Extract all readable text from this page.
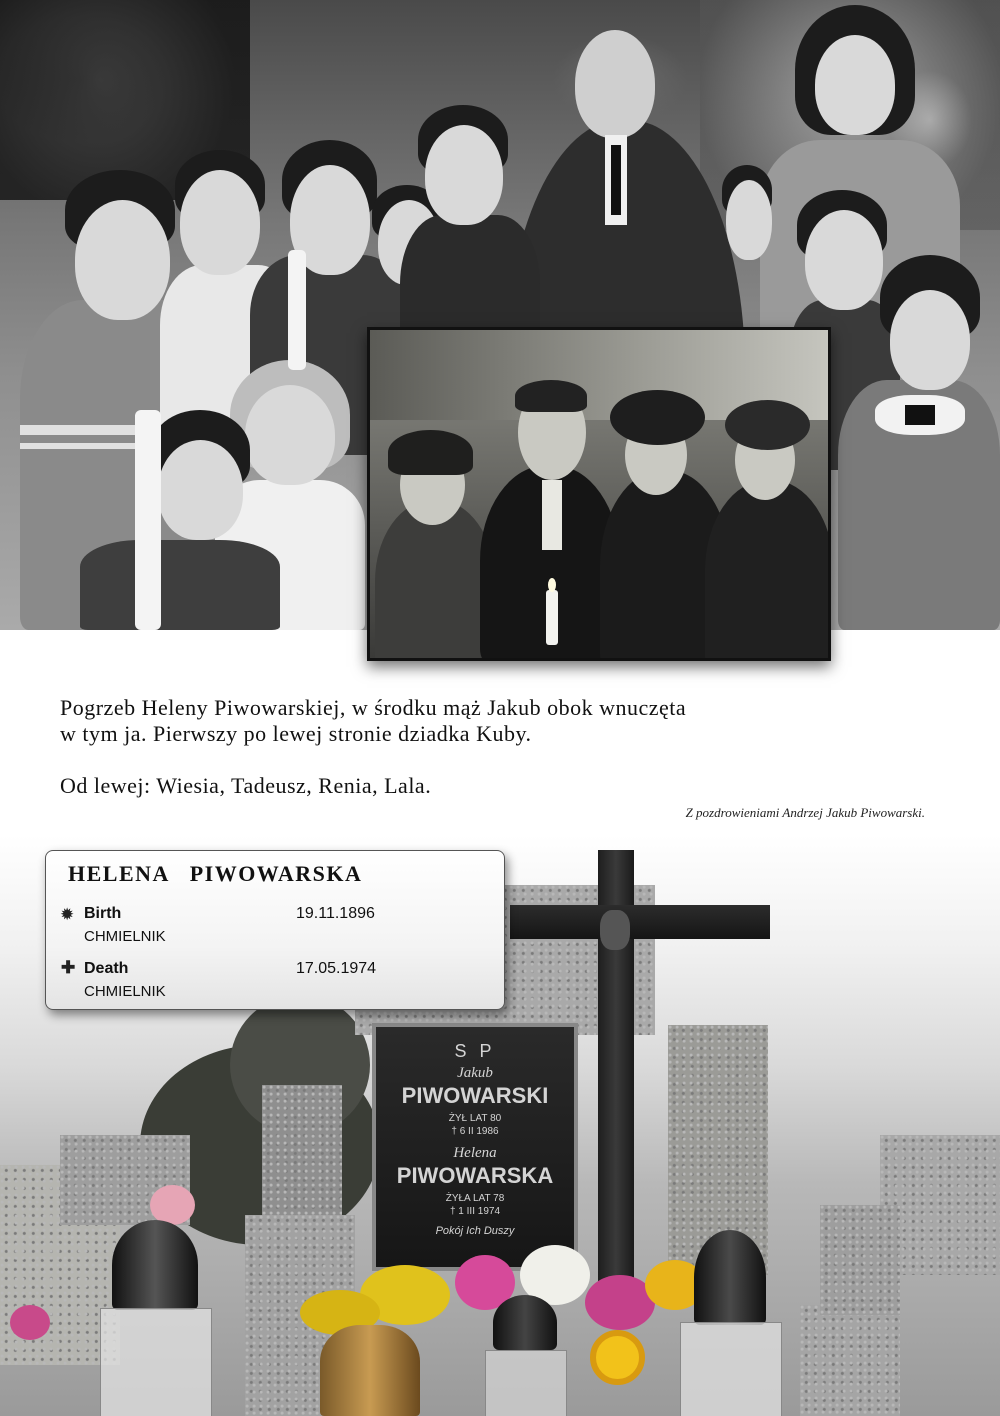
Pogrzeb Heleny Piwowarskiej, w środku mąż Jakub obok wnuczęta

w tym ja. Pierwszy po lewej stronie dziadka Kuby.

Od lewej: Wiesia, Tadeusz, Renia, Lala.

Z pozdrowieniami Andrzej Jakub Piwowarski.
S P
Jakub
PIWOWARSKI
ŻYŁ LAT 80
† 6 II 1986
Helena
PIWOWARSKA
ŻYŁA LAT 78
† 1 III 1974
Pokój Ich Duszy
HELENA   PIWOWARSKA
✹ Birth	19.11.1896
CHMIELNIK
✚ Death	17.05.1974
CHMIELNIK
